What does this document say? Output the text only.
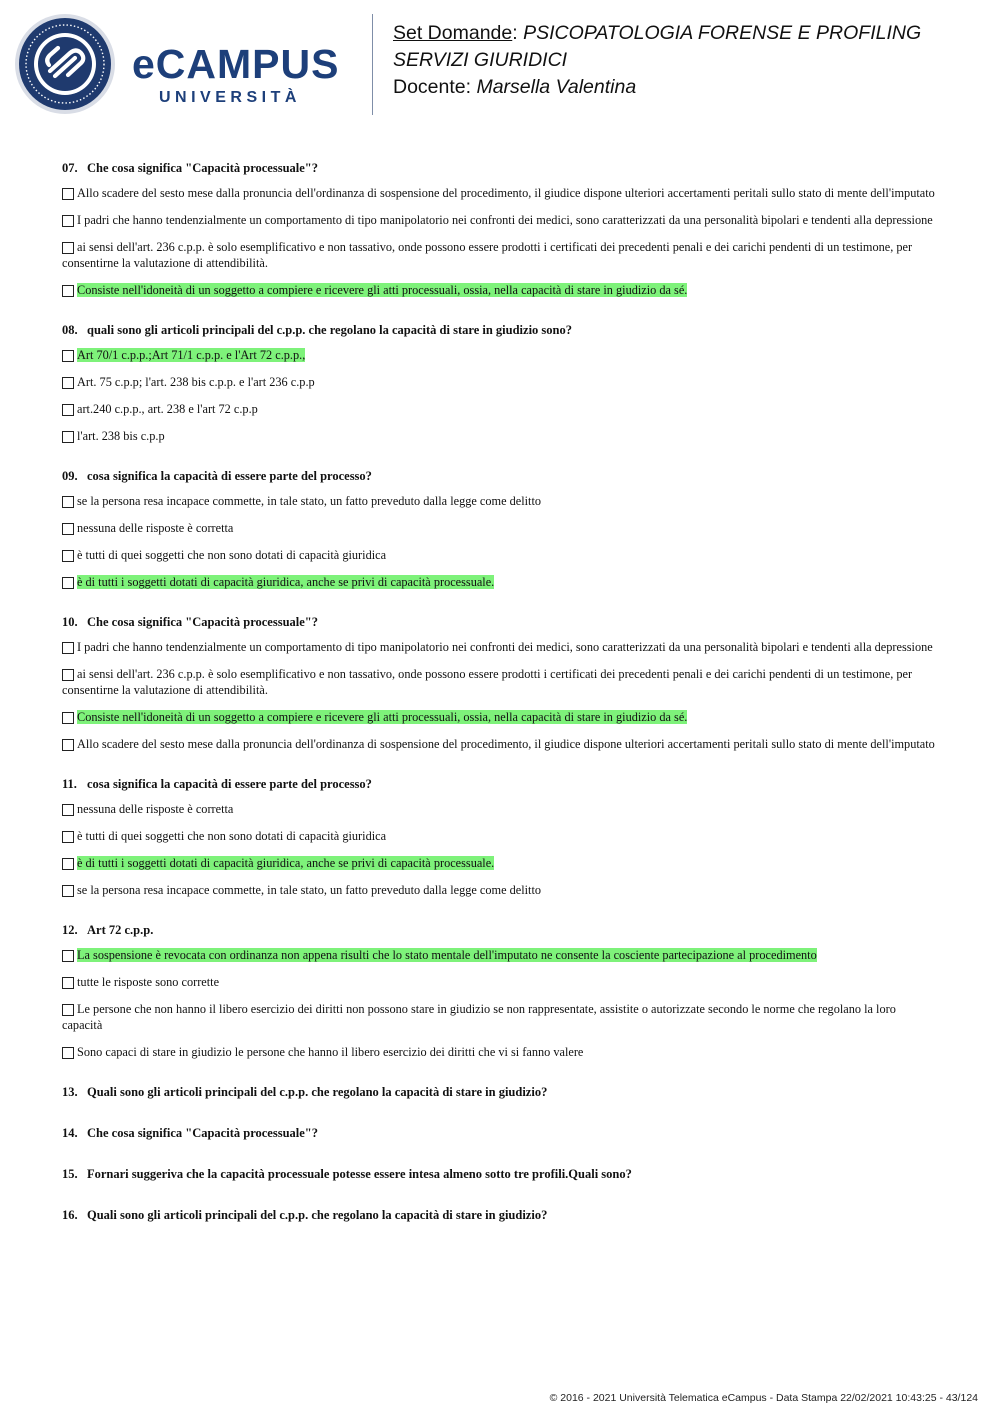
eCAMPUS
UNIVERSITÀ
Set Domande: PSICOPATOLOGIA FORENSE E PROFILING
SERVIZI GIURIDICI
Docente: Marsella Valentina
07. Che cosa significa "Capacità processuale"?
Allo scadere del sesto mese dalla pronuncia dell'ordinanza di sospensione del procedimento, il giudice dispone ulteriori accertamenti peritali sullo stato di mente dell'imputato
I padri che hanno tendenzialmente un comportamento di tipo manipolatorio nei confronti dei medici, sono caratterizzati da una personalità bipolari e tendenti alla depressione
ai sensi dell'art. 236 c.p.p. è solo esemplificativo e non tassativo, onde possono essere prodotti i certificati dei precedenti penali e dei carichi pendenti di un testimone, per consentirne la valutazione di attendibilità.
Consiste nell'idoneità di un soggetto a compiere e ricevere gli atti processuali, ossia, nella capacità di stare in giudizio da sé.
08. quali sono gli articoli principali del c.p.p. che regolano la capacità di stare in giudizio sono?
Art 70/1 c.p.p.;Art 71/1 c.p.p. e l'Art 72 c.p.p.,
Art. 75 c.p.p; l'art. 238 bis c.p.p. e l'art 236 c.p.p
art.240 c.p.p., art. 238 e l'art 72 c.p.p
l'art. 238 bis c.p.p
09. cosa significa la capacità di essere parte del processo?
se la persona resa incapace commette, in tale stato, un fatto preveduto dalla legge come delitto
nessuna delle risposte è corretta
è tutti di quei soggetti che non sono dotati di capacità giuridica
è di tutti i soggetti dotati di capacità giuridica, anche se privi di capacità processuale.
10. Che cosa significa "Capacità processuale"?
I padri che hanno tendenzialmente un comportamento di tipo manipolatorio nei confronti dei medici, sono caratterizzati da una personalità bipolari e tendenti alla depressione
ai sensi dell'art. 236 c.p.p. è solo esemplificativo e non tassativo, onde possono essere prodotti i certificati dei precedenti penali e dei carichi pendenti di un testimone, per consentirne la valutazione di attendibilità.
Consiste nell'idoneità di un soggetto a compiere e ricevere gli atti processuali, ossia, nella capacità di stare in giudizio da sé.
Allo scadere del sesto mese dalla pronuncia dell'ordinanza di sospensione del procedimento, il giudice dispone ulteriori accertamenti peritali sullo stato di mente dell'imputato
11. cosa significa la capacità di essere parte del processo?
nessuna delle risposte è corretta
è tutti di quei soggetti che non sono dotati di capacità giuridica
è di tutti i soggetti dotati di capacità giuridica, anche se privi di capacità processuale.
se la persona resa incapace commette, in tale stato, un fatto preveduto dalla legge come delitto
12. Art 72 c.p.p.
La sospensione è revocata con ordinanza non appena risulti che lo stato mentale dell'imputato ne consente la cosciente partecipazione al procedimento
tutte le risposte sono corrette
Le persone che non hanno il libero esercizio dei diritti non possono stare in giudizio se non rappresentate, assistite o autorizzate secondo le norme che regolano la loro capacità
Sono capaci di stare in giudizio le persone che hanno il libero esercizio dei diritti che vi si fanno valere
13. Quali sono gli articoli principali del c.p.p. che regolano la capacità di stare in giudizio?
14. Che cosa significa "Capacità processuale"?
15. Fornari suggeriva che la capacità processuale potesse essere intesa almeno sotto tre profili.Quali sono?
16. Quali sono gli articoli principali del c.p.p. che regolano la capacità di stare in giudizio?
© 2016 - 2021 Università Telematica eCampus - Data Stampa 22/02/2021 10:43:25 - 43/124
